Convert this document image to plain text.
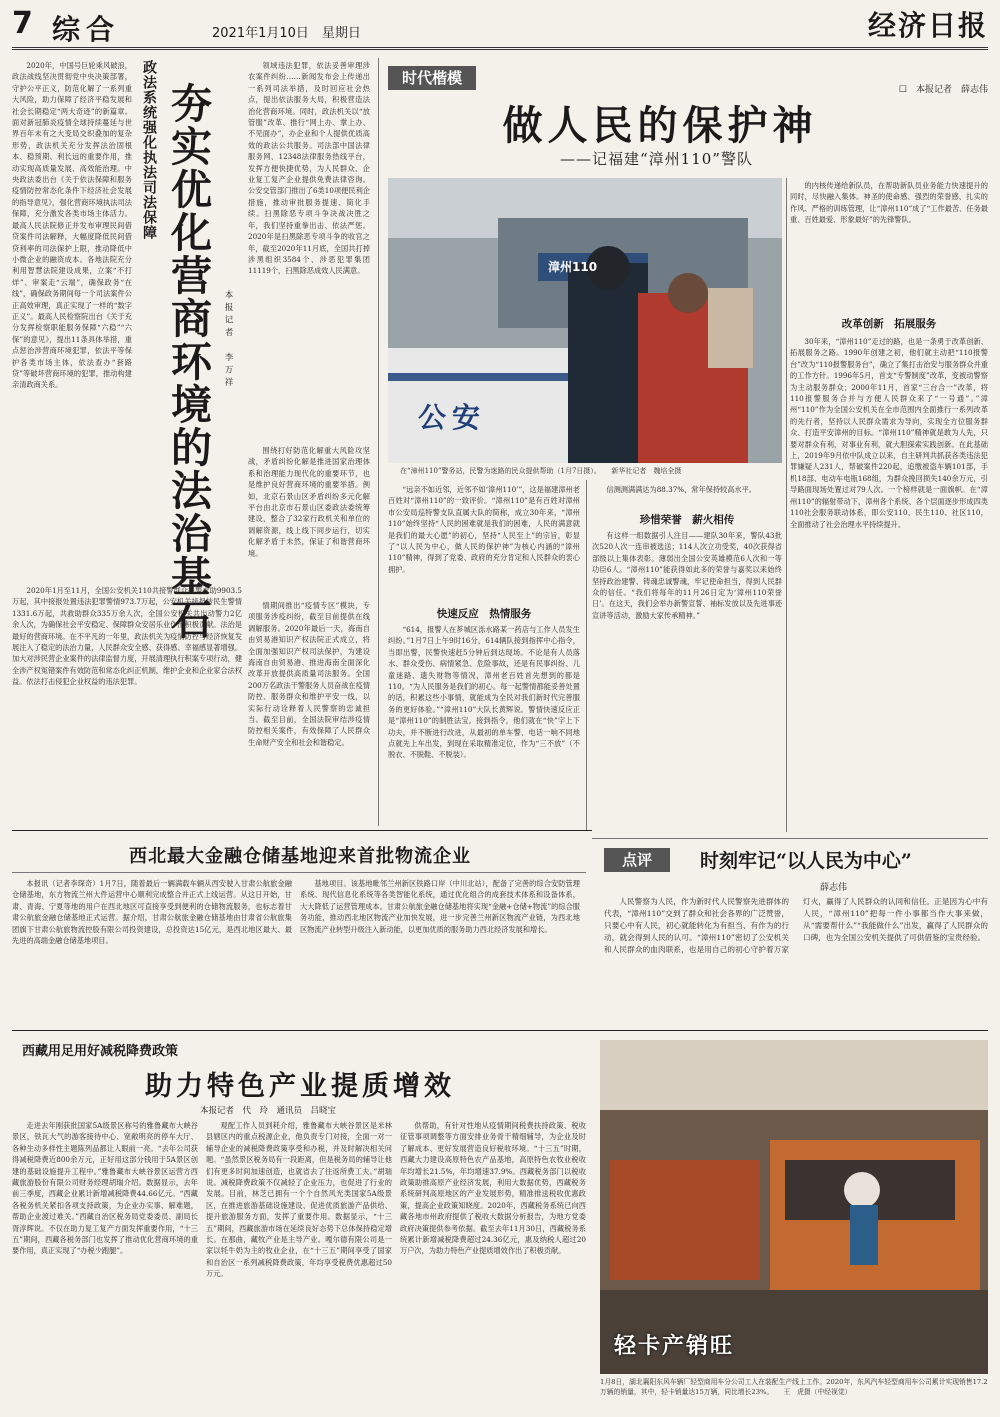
7 综合	2021年1月10日　星期日	经济日报

2020年，中国号巨轮乘风破浪，政法战线坚决贯彻党中央决策部署，守护公平正义，防范化解了一系列重大风险，助力保障了经济平稳发展和社会长期稳定“两大奇迹”的新篇章。面对新冠肺炎疫情全球持续蔓延与世界百年未有之大变局交织叠加的复杂形势，政法机关充分发挥法治固根本、稳预期、利长远的重要作用，推动实现高质量发展、高效能治理。中央政法委出台《关于依法保障和服务疫情防控常态化条件下经济社会发展的指导意见》，强化营商环境执法司法保障，充分激发各类市场主体活力。最高人民法院修正并发布审理民间借贷案件司法解释，大幅度降低民间借贷利率的司法保护上限，推动降低中小微企业的融资成本。各地法院充分利用智慧法院建设成果，立案“不打烊”、审案走“云端”，确保政务“在线”，确保政务期间每一个司法案件公正高效审理，真正实现了一样的“数字正义”。最高人民检察院出台《关于充分发挥检察职能服务保障“六稳”“六保”的意见》，提出11条具体举措，重点惩治涉营商环境犯罪，依法平等保护各类市场主体，依法查办“套路贷”等破坏营商环境的犯罪，推动构建亲清政商关系。

政法系统强化执法司法保障 夯实优化营商环境的法治基石	本报记者　李万祥

2020年1月至11月，全国公安机关110共接警群众报警求助9903.5万起，其中接报处置违法犯罪警情973.7万起，公安机关接报转民生警情1331.6万起，共救助群众335万余人次，全国公安机关共出动警力2亿余人次，为确保社会平安稳定、保障群众安居乐业作出积极贡献。法治是最好的营商环境。在不平凡的一年里，政法机关为疫情防控与经济恢复发展注入了稳定的法治力量，人民群众安全感、获得感、幸福感显著增强。加大对涉民营企业案件的法律监督力度，开展清理执行积案专项行动，健全涉产权冤错案件有效防范和常态化纠正机制，维护企业和企业家合法权益。依法打击侵犯企业权益的违法犯罪。

领域违法犯罪，依法妥善审理涉农案件纠纷……新闻发布会上传递出一系列司法举措，及时回应社会热点，提出依法服务大局，积极营造法治化营商环境。同时，政法机关以“放管服”改革、推行“网上办、掌上办、不见面办”，办企业和个人提供优质高效的政法公共服务。司法部中国法律服务网、12348法律服务热线平台，发挥方便快捷优势，为人民群众、企业复工复产企业提供免费法律咨询。公安交管部门推出了6类10项便民利企措施，推动审批服务提速、简化手续。扫黑除恶专项斗争决战决胜之年，我们坚持重拳出击、依法严惩。2020年是扫黑除恶专项斗争的收官之年，截至2020年11月底，全国共打掉涉黑组织3584个、涉恶犯罪集团11119个，扫黑除恶成效人民满意。

围绕打好防范化解重大风险攻坚战，矛盾纠纷化解是推进国家治理体系和治理能力现代化的重要环节，也是维护良好营商环境的重要举措。例如，北京石景山区矛盾纠纷多元化解平台由北京市石景山区委政法委统筹建设，整合了32家行政机关和单位的调解资源，线上线下同步运行，切实化解矛盾于未然，保证了和谐营商环境。

情期间推出“疫情专区”模块，专项服务涉疫纠纷，截至目前提供在线调解服务。2020年最后一天，海南自由贸易港知识产权法院正式成立，将全面加强知识产权司法保护，为建设海南自由贸易港、推进海南全面深化改革开放提供高质量司法服务。全国200万名政法干警服务人员奋战在疫情防控、服务群众和维护平安一线，以实际行动诠释着人民警察的忠诚担当。截至目前，全国法院审结涉疫情防控相关案件，有效保障了人民群众生命财产安全和社会和谐稳定。

时代楷模
做人民的保护神
——记福建“漳州110”警队
☐　本报记者　薛志伟
漳州110
公安
在“漳州110”警务站，民警为迷路的民众提供帮助（1月7日摄）。　　新华社记者　魏培全摄

“远亲不如近邻，近邻不如‘漳州110’”，这是福建漳州老百姓对“漳州110”的一致评价。“漳州110”是有百姓对漳州市公安局巡特警支队直属大队的简称，成立30年来，“漳州110”始终坚持“人民的困难就是我们的困难，人民的满意就是我们的最大心愿”的初心，坚持“人民至上”的宗旨，彰显了“以人民为中心，做人民的保护神”为核心内涵的“漳州110”精神，得到了党委、政府的充分肯定和人民群众的衷心拥护。

快速反应　热情服务

“614，报警人在芗城区泺水路某一药店与工作人员发生纠纷。”1月7日上午9时16分，614辆队接到指挥中心指令，当即出警，民警快速赶5分钟后到达现场。不论是有人员落水、群众受伤、病情紧急、危险事故，还是有民事纠纷、儿童迷路、遗失财物等情况，漳州老百姓首先想到的都是110。“为人民服务是我们的初心。每一起警情都能妥善处置的话，积累这些小事情，就能成为全民对我们新时代完善服务的更好体验。”“漳州110”大队长黄辉说。警情快速反应正是“漳州110”的制胜法宝。接到指令，他们就在“快”字上下功夫，并不断进行改进，从最初的单车警、电话一响不同地点就先上车出发，到现在采取精准定位，作为“三不放”（不脱衣、不脱鞋、不脱装）。

信测测满满达为88.37%，常年保持较高水平。

珍惜荣誉　薪火相传

有这样一组数据引人注目——建队30年来，警队43批次520人次一连串被选送；114人次立功受奖，40次获得省部级以上集体表彰。薄弱出全国公安英雄模范6人次和一等功臣6人。“漳州110”能获得如此多的荣誉与嘉奖以来始终坚持政治建警、铸魂忠诚警魂，牢记使命担当，得到人民群众的信任。“我们将每年的11月26日定为‘漳州110荣誉日’。在这天，我们会举办新警宣誓、袖标发放以及先进事迹宣讲等活动，激励大家传承精神。”

的内核传递给新队员，在帮助新队员业务能力快速提升的同时，尽快融入集体。神圣的使命感、强烈的荣誉感、扎实的作风、严格的训练管理，让“漳州110”成了“工作最苦、任务最重、百姓最爱、形象最好”的先锋警队。

改革创新　拓展服务

30年来，“漳州110”走过的路，也是一条勇于改革创新、拓展服务之路。1990年创建之初，他们就主动把“110报警台”改为“110报警服务台”，确立了集打击治安与服务群众并重的工作方针。1996年5月，首支“专警制度”改革，变被动警察为主动服务群众；2000年11月，首家“三台合一”改革，将110报警服务合并与方便人民群众来了“一号通”。”漳州“110”作为全国公安机关在全市范围内全面推行一系列改革的先行者，坚持以人民群众需求为导向，实现全方位服务群众、打造平安漳州的目标。“漳州110”精神就是敢为人先，只要对群众有利，对事业有利，就大胆探索实践创新。在此基础上，2019年9月依中队成立以来，自主研判共抓获各类违法犯罪嫌疑人231人，帮破案件220起，追缴被盗车辆101部，手机18部、电动车电瓶168组，为群众挽回损失140余万元，引导路面现场处置过对79人次。一个榜样就是一面旗帜。在“漳州110”的辐射带动下，漳州各个系统、各个层面逐步形成四类110社会服务联动体系，即公安110、民生110、社区110，全面推动了社会治理水平持续提升。

点评	时刻牢记“以人民为中心”
薛志伟

人民警察为人民，作为新时代人民警察先进群体的代表，“漳州110”交到了群众和社会各界的广泛赞誉，只要心中有人民，初心就能转化为有担当、有作为的行动，就会得到人民的认可。“漳州110”密切了公安机关和人民群众的血肉联系，也是用自己的初心守护着万家灯火，赢得了人民群众的认同和信任。正是因为心中有人民，“漳州110”把每一件小事都当作大事来做，从“需要帮什么”“我能做什么”出发，赢得了人民群众的口碑，也为全国公安机关提供了可供借鉴的宝贵经验。

西北最大金融仓储基地迎来首批物流企业

本报讯（记者李琛奇）1月7日，随着最后一辆满载车辆从西安驶入甘肃公航旅金融仓储基地，东方物流兰州大件运营中心顺利完成整合并正式上线运营。从这日开始，甘肃、青海、宁夏等地的用户在西北地区可直接享受到便利的仓储物流服务，也标志着甘肃公航旅金融仓储基地正式运营。据介绍，甘肃公航旅金融仓储基地由甘肃省公航旅集团旗下甘肃公航旅物流控股有限公司投资建设，总投资达15亿元，是西北地区最大、最先进的高端金融仓储基地项目。

基地项目。该基地毗邻兰州新区铁路口岸（中川北站），配备了完善的综合安防管理系统、现代信息化系统等各类智能化系统，通过优化组合的成套技术体系和设备体系，大大降低了运营管理成本。甘肃公航旅金融仓储基地将实现“金融+仓储+物流”的综合服务功能，推动西北地区物流产业加快发展，进一步完善兰州新区物流产业链，为西北地区物流产业转型升级注入新动能，以更加优质的服务助力西北经济发展和增长。

西藏用足用好减税降费政策
助力特色产业提质增效
本报记者　代　玲　通讯员　吕晓宝

走进去年刚获批国家5A级景区称号的雅鲁藏布大峡谷景区，铁瓦大气的游客接待中心、宽敞明亮的停车大厅、各种生动多样性主题陈列品都让人眼前一亮。“去年公司获得减税降费近800余万元，正好用这部分钱用于5A景区创建的基础设施提升工程中。”雅鲁藏布大峡谷景区运营方西藏旅游股份有限公司财务经理胡瑞介绍。数据显示，去年前三季度，西藏企业累计新增减税降费44.66亿元。“西藏各税务机关紧扣各项支持政策，为企业办实事、解难题，帮助企业渡过难关。”西藏自治区税务局党委委员、副局长胥淳辉说。不仅在助力复工复产方面发挥重要作用，“十三五”期间，西藏各税务部门也发挥了推动优化营商环境的重要作用，真正实现了“办税少跑腿”。

观配工作人员到耗介绍，雅鲁藏布大峡谷景区是米林县辖区内的重点税源企业，他负责专门对接，全面一对一辅导企业的减税降费政策享受和办税，并及时解决相关问题。“虽然景区税务局有一段距离，但是税务局的辅导让他们有更多时间加速创造，也就省去了往返所费工夫。”胡瑞说。减税降费政策不仅减轻了企业压力，也促进了行业的发展。目前，林芝已拥有一个个自然风光类国家5A级景区，在推进旅游基础设施建设、促进优质旅游产品供给、提升旅游服务方面，发挥了重要作用。数据显示，“十三五”期间，西藏旅游市场在延续良好态势下总体保持稳定增长。在那曲，藏牧产业是主导产业。嘎尔德有限公司是一家以牦牛奶为主的牧业企业，在“十三五”期间享受了国家和自治区一系列减税降费政策，年均享受税费优惠超过50万元。

供帮助，有针对性地从疫情期间税费扶持政策、税收征管事项调整等方面安排业务骨干精细辅导，为企业及时了解成本、更好发展营造良好税收环境。“十三五”时期，西藏大力建设高原特色农产品基地，高原特色农牧业税收年均增长21.5%，年均增速37.9%。西藏税务部门以税收政策助推高原产业经济发展，利用大数据优势，西藏税务系统研判高原地区的产业发展形势，精准推送税收优惠政策，提高企业政策知晓度。2020年，西藏税务系统已向西藏各地市州政府提供了税收大数据分析报告，为地方党委政府决策提供参考依据。截至去年11月30日，西藏税务系统累计新增减税降费超过24.36亿元，惠及纳税人超过20万户次，为助力特色产业提质增效作出了积极贡献。

轻卡产销旺
1月8日，湖北襄阳东风车辆厂轻型商用车分公司工人在装配生产线上工作。2020年，东风汽车轻型商用车公司累计实现销售17.2万辆的销量，其中，轻卡销量达15万辆，同比增长23%。　　王　虎摄（中经视觉）
